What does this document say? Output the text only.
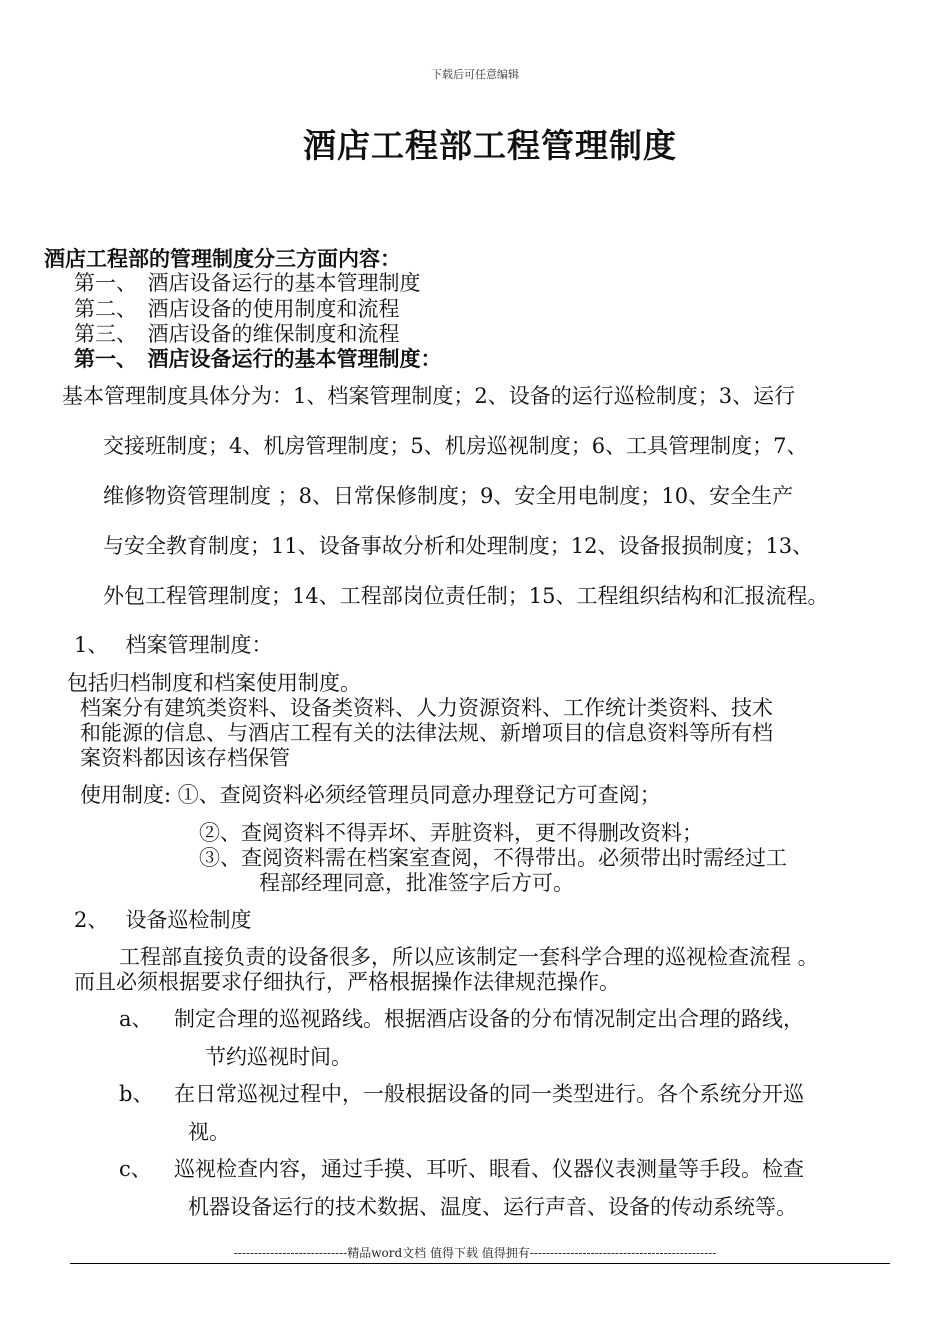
下载后可任意编辑
酒店工程部工程管理制度
酒店工程部的管理制度分三方面内容：
第一、　酒店设备运行的基本管理制度
第二、　酒店设备的使用制度和流程
第三、　酒店设备的维保制度和流程
第一、　酒店设备运行的基本管理制度：
基本管理制度具体分为：1、档案管理制度；2、设备的运行巡检制度；3、运行
交接班制度；4、机房管理制度；5、机房巡视制度；6、工具管理制度；7、
维修物资管理制度 ；8、日常保修制度；9、安全用电制度；10、安全生产
与安全教育制度；11、设备事故分析和处理制度；12、设备报损制度；13、
外包工程管理制度；14、工程部岗位责任制；15、工程组织结构和汇报流程。
1、　 档案管理制度：
包括归档制度和档案使用制度。
档案分有建筑类资料、设备类资料、人力资源资料、工作统计类资料、技术
和能源的信息、与酒店工程有关的法律法规、新增项目的信息资料等所有档
案资料都因该存档保管
使用制度: ①、查阅资料必须经管理员同意办理登记方可查阅；
②、查阅资料不得弄坏、弄脏资料，更不得删改资料；
③、查阅资料需在档案室查阅，不得带出。必须带出时需经过工
程部经理同意，批准签字后方可。
2、　 设备巡检制度
工程部直接负责的设备很多，所以应该制定一套科学合理的巡视检查流程 。
而且必须根据要求仔细执行，严格根据操作法律规范操作。
a、 制定合理的巡视路线。根据酒店设备的分布情况制定出合理的路线，
节约巡视时间。
b、 在日常巡视过程中，一般根据设备的同一类型进行。各个系统分开巡
视。
c、 巡视检查内容，通过手摸、耳听、眼看、仪器仪表测量等手段。检查
机器设备运行的技术数据、温度、运行声音、设备的传动系统等。
----------------------------精品word文档 值得下载 值得拥有----------------------------------------------
